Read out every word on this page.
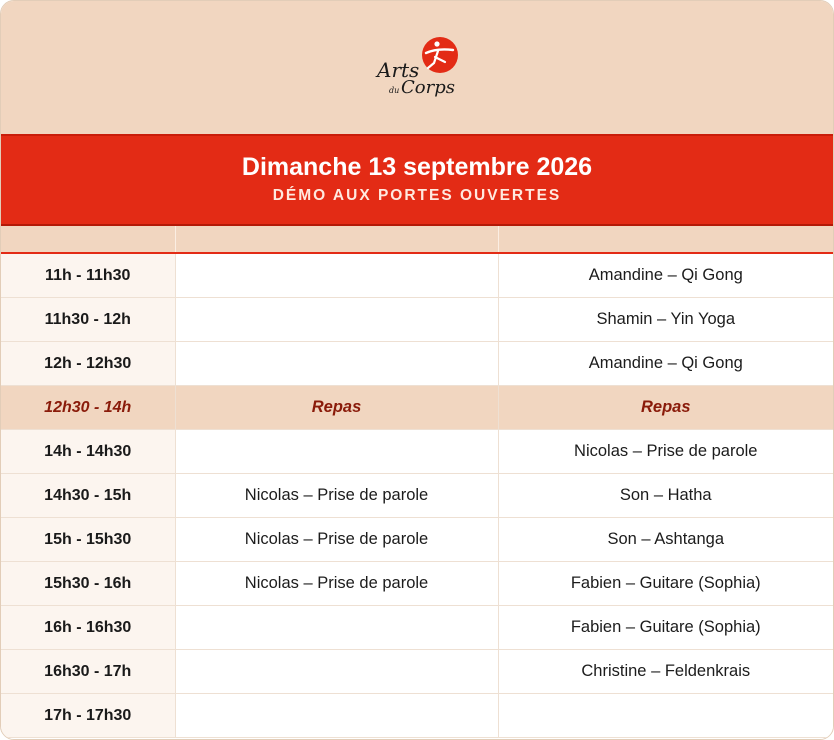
Arts
du Corps
Dimanche 13 septembre 2026
DÉMO AUX PORTES OUVERTES

11h - 11h30		Amandine – Qi Gong
11h30 - 12h		Shamin – Yin Yoga
12h - 12h30		Amandine – Qi Gong
12h30 - 14h	Repas	Repas
14h - 14h30		Nicolas – Prise de parole
14h30 - 15h	Nicolas – Prise de parole	Son – Hatha
15h - 15h30	Nicolas – Prise de parole	Son – Ashtanga
15h30 - 16h	Nicolas – Prise de parole	Fabien – Guitare (Sophia)
16h - 16h30		Fabien – Guitare (Sophia)
16h30 - 17h		Christine – Feldenkrais
17h - 17h30		
